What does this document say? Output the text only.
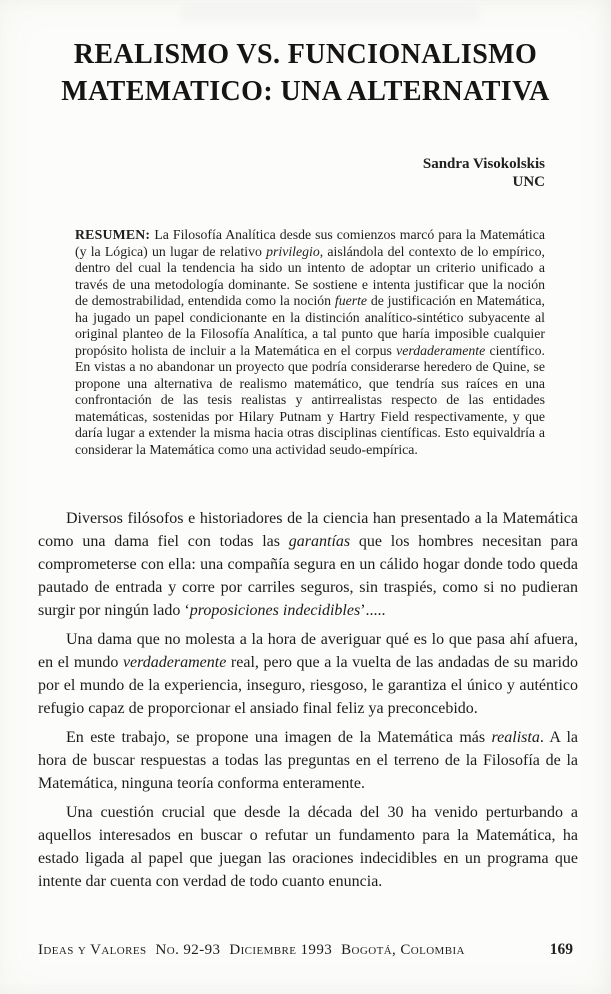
REALISMO VS. FUNCIONALISMO
MATEMATICO: UNA ALTERNATIVA
Sandra Visokolskis
UNC
RESUMEN: La Filosofía Analítica desde sus comienzos marcó para la Matemática (y la Lógica) un lugar de relativo privilegio, aislándola del contexto de lo empírico, dentro del cual la tendencia ha sido un intento de adoptar un criterio unificado a través de una metodología dominante. Se sostiene e intenta justificar que la noción de demostrabilidad, entendida como la noción fuerte de justificación en Matemática, ha jugado un papel condicionante en la distinción analítico-sintético subyacente al original planteo de la Filosofía Analítica, a tal punto que haría imposible cualquier propósito holista de incluir a la Matemática en el corpus verdaderamente científico. En vistas a no abandonar un proyecto que podría considerarse heredero de Quine, se propone una alternativa de realismo matemático, que tendría sus raíces en una confrontación de las tesis realistas y antirrealistas respecto de las entidades matemáticas, sostenidas por Hilary Putnam y Hartry Field respectivamente, y que daría lugar a extender la misma hacia otras disciplinas científicas. Esto equivaldría a considerar la Matemática como una actividad seudo-empírica.

Diversos filósofos e historiadores de la ciencia han presentado a la Matemática como una dama fiel con todas las garantías que los hombres necesitan para comprometerse con ella: una compañía segura en un cálido hogar donde todo queda pautado de entrada y corre por carriles seguros, sin traspiés, como si no pudieran surgir por ningún lado ‘proposiciones indecidibles’.....

Una dama que no molesta a la hora de averiguar qué es lo que pasa ahí afuera, en el mundo verdaderamente real, pero que a la vuelta de las andadas de su marido por el mundo de la experiencia, inseguro, riesgoso, le garantiza el único y auténtico refugio capaz de proporcionar el ansiado final feliz ya preconcebido.

En este trabajo, se propone una imagen de la Matemática más realista. A la hora de buscar respuestas a todas las preguntas en el terreno de la Filosofía de la Matemática, ninguna teoría conforma enteramente.

Una cuestión crucial que desde la década del 30 ha venido perturbando a aquellos interesados en buscar o refutar un fundamento para la Matemática, ha estado ligada al papel que juegan las oraciones indecidibles en un programa que intente dar cuenta con verdad de todo cuanto enuncia.

Ideas y Valores No. 92-93 Diciembre 1993 Bogotá, Colombia	169
